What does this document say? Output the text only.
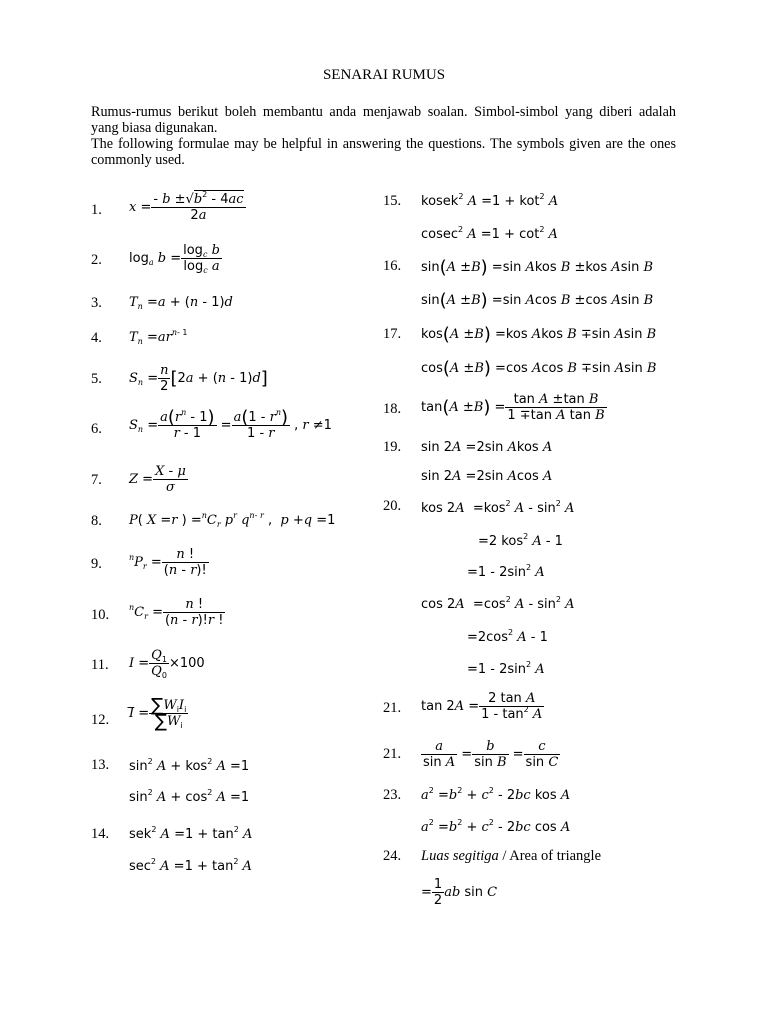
SENARAI RUMUS

Rumus-rumus berikut boleh membantu anda menjawab soalan. Simbol-simbol yang diberi adalah yang biasa digunakan.

The following formulae may be helpful in answering the questions. The symbols given are the ones commonly used.

1.
2.
3.
4.
5.
6.
7.
8.
9.
10.
11.
12.
13.
14.
15.
16.
17.
18.
19.
20.
21.
21.
23.
24.
$x = \frac{- b \pm√b^2 - 4ac}{2a}$
$\log_a b = \frac{\log_c b}{\log_c a}$
$T_n =a + (n - 1)d$
$T_n =ar^{n- 1}$
$S_n = \frac{n}{2} [2a + (n - 1)d]$
$S_n = \frac{a(r^n - 1)}{r - 1} = \frac{a(1 - r^n)}{1 - r}$ , r ≠1
$Z = \frac{X - \mu}{\sigma}$
P( X =r ) $=^nC_r$ $p^r$ $q^{n- r}$ ,  p +q =1
$^nP_r = \frac{n !}{(n - r)!}$
$^nC_r = \frac{n !}{(n - r)!r !}$
$I = \frac{Q_1}{Q_0} \times 100$
I̅ = $\sum W_iI_i$
$\sum W_i$
$\sin^2 A + kos^2$ A =1
$\sin^2 A + \cos^2 A =1$
sek$^2$ $A =1 + \tan^2 A$
$\sec^2 A =1 + \tan^2 A$
kosek$^2$ A =1 + kot$^2$ A
cosec$^2$ $A =1 + \cot^2 A$
sin(A ±B) =sin Akos B ±kos Asin B
sin(A ±B) =sin Acos B ±cos Asin B
kos(A ±B) =kos Akos B ∓sin Asin B
cos(A ±B) =cos Acos B ∓sin Asin B
$\tan(A \pm B) = \frac{\text{tan A ±tan B}}{\text{1 ∓tan A tan B}}$
sin 2A =2sin Akos A
sin 2A =2sin Acos A
kos 2A  =kos$^2$ A - $\sin^2 A$
=2 kos$^2$ A - 1
$=1 - 2\sin^2$ A
$\cos 2A =\cos^2$ A - $\sin^2 A$
$=2\cos^2$ A - 1
$=1 - 2\sin^2$ A
$\tan 2A = \frac{\text{2 tan A}}{1 - \tan^2 A}$
$\frac{a}{\text{sin A}} = \frac{b}{\text{sin B}} = \frac{c}{\text{sin C}}$
$a^2 =b^2 + c^2 - 2bc$ kos A
$a^2 =b^2 + c^2 - 2bc$ cos A
Luas segitiga / Area of triangle
= $\frac{1}{2}$ ab sin C
